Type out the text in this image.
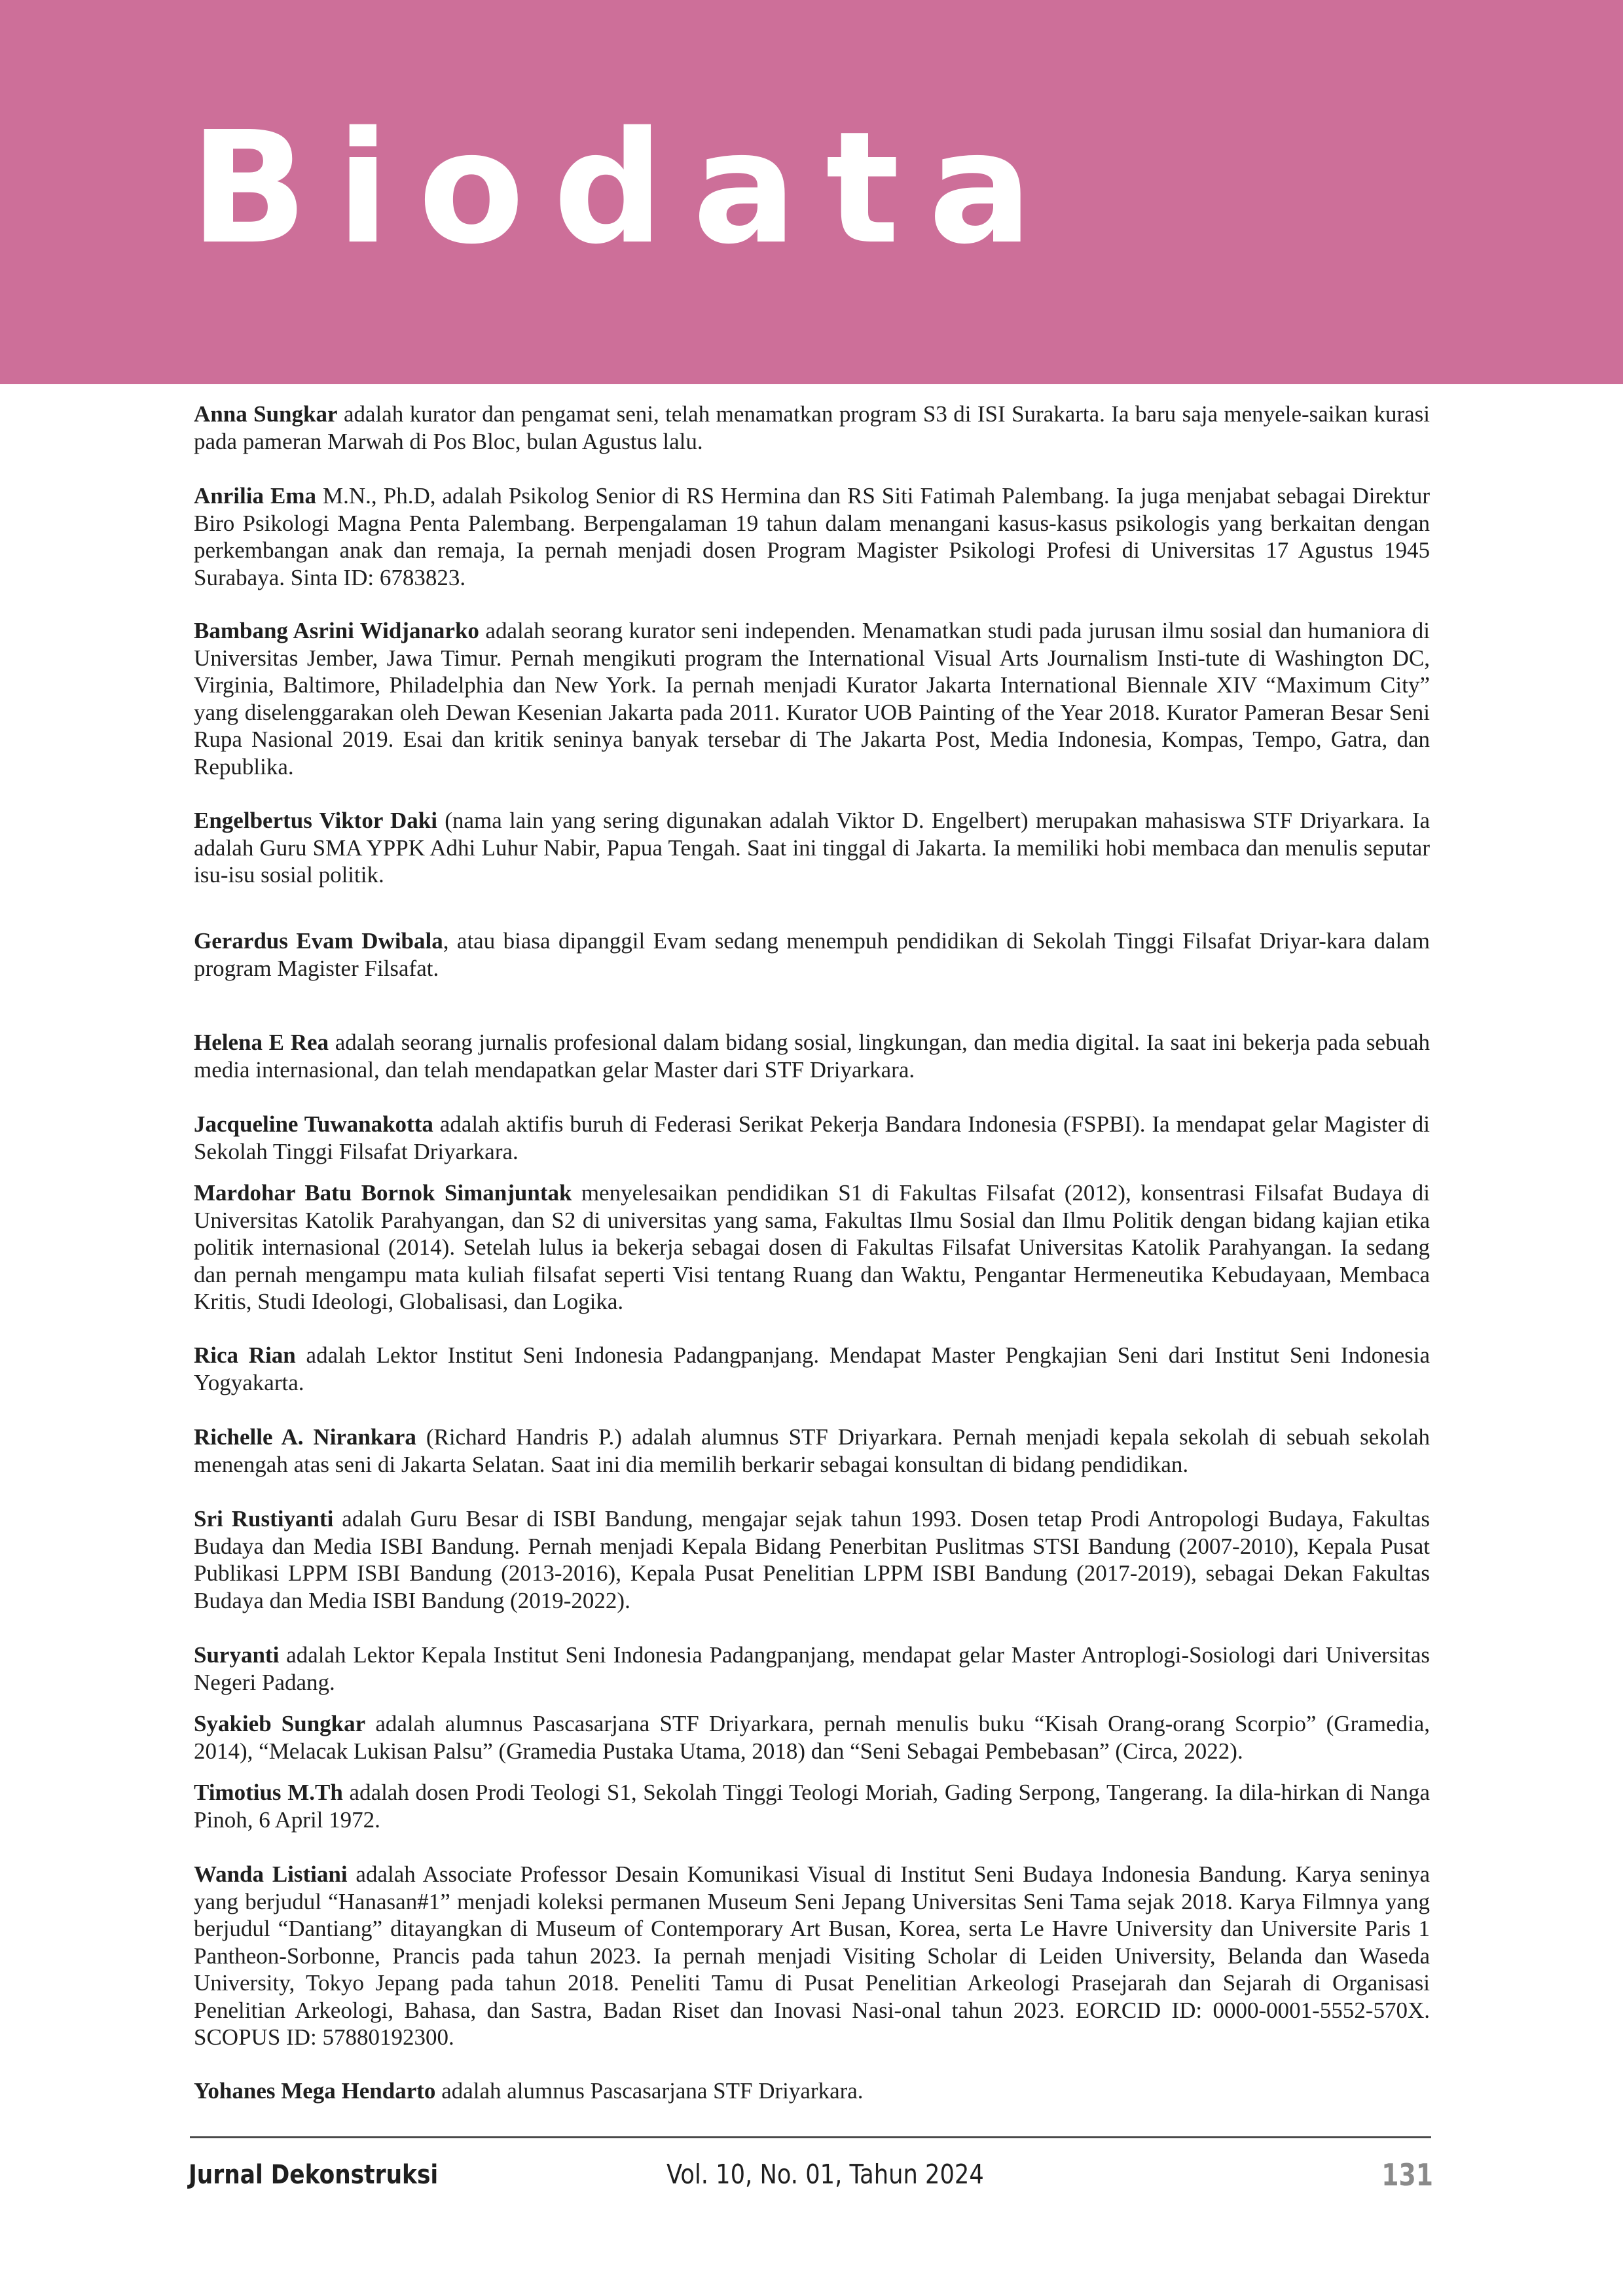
Biodata

Anna Sungkar adalah kurator dan pengamat seni, telah menamatkan program S3 di ISI Surakarta. Ia baru saja menyele-saikan kurasi pada pameran Marwah di Pos Bloc, bulan Agustus lalu.

Anrilia Ema M.N., Ph.D, adalah Psikolog Senior di RS Hermina dan RS Siti Fatimah Palembang. Ia juga menjabat sebagai Direktur Biro Psikologi Magna Penta Palembang. Berpengalaman 19 tahun dalam menangani kasus-kasus psikologis yang berkaitan dengan perkembangan anak dan remaja, Ia pernah menjadi dosen Program Magister Psikologi Profesi di Universitas 17 Agustus 1945 Surabaya. Sinta ID: 6783823.

Bambang Asrini Widjanarko adalah seorang kurator seni independen. Menamatkan studi pada jurusan ilmu sosial dan humaniora di Universitas Jember, Jawa Timur. Pernah mengikuti program the International Visual Arts Journalism Insti-tute di Washington DC, Virginia, Baltimore, Philadelphia dan New York. Ia pernah menjadi Kurator Jakarta International Biennale XIV “Maximum City” yang diselenggarakan oleh Dewan Kesenian Jakarta pada 2011. Kurator UOB Painting of the Year 2018. Kurator Pameran Besar Seni Rupa Nasional 2019. Esai dan kritik seninya banyak tersebar di The Jakarta Post, Media Indonesia, Kompas, Tempo, Gatra, dan Republika.

Engelbertus Viktor Daki (nama lain yang sering digunakan adalah Viktor D. Engelbert) merupakan mahasiswa STF Driyarkara. Ia adalah Guru SMA YPPK Adhi Luhur Nabir, Papua Tengah. Saat ini tinggal di Jakarta. Ia memiliki hobi membaca dan menulis seputar isu-isu sosial politik.

Gerardus Evam Dwibala, atau biasa dipanggil Evam sedang menempuh pendidikan di Sekolah Tinggi Filsafat Driyar-kara dalam program Magister Filsafat.

Helena E Rea adalah seorang jurnalis profesional dalam bidang sosial, lingkungan, dan media digital. Ia saat ini bekerja pada sebuah media internasional, dan telah mendapatkan gelar Master dari STF Driyarkara.

Jacqueline Tuwanakotta adalah aktifis buruh di Federasi Serikat Pekerja Bandara Indonesia (FSPBI). Ia mendapat gelar Magister di Sekolah Tinggi Filsafat Driyarkara.

Mardohar Batu Bornok Simanjuntak menyelesaikan pendidikan S1 di Fakultas Filsafat (2012), konsentrasi Filsafat Budaya di Universitas Katolik Parahyangan, dan S2 di universitas yang sama, Fakultas Ilmu Sosial dan Ilmu Politik dengan bidang kajian etika politik internasional (2014). Setelah lulus ia bekerja sebagai dosen di Fakultas Filsafat Universitas Katolik Parahyangan. Ia sedang dan pernah mengampu mata kuliah filsafat seperti Visi tentang Ruang dan Waktu, Pengantar Hermeneutika Kebudayaan, Membaca Kritis, Studi Ideologi, Globalisasi, dan Logika.

Rica Rian adalah Lektor Institut Seni Indonesia Padangpanjang. Mendapat Master Pengkajian Seni dari Institut Seni Indonesia Yogyakarta.

Richelle A. Nirankara (Richard Handris P.) adalah alumnus STF Driyarkara. Pernah menjadi kepala sekolah di sebuah sekolah menengah atas seni di Jakarta Selatan. Saat ini dia memilih berkarir sebagai konsultan di bidang pendidikan.

Sri Rustiyanti adalah Guru Besar di ISBI Bandung, mengajar sejak tahun 1993. Dosen tetap Prodi Antropologi Budaya, Fakultas Budaya dan Media ISBI Bandung. Pernah menjadi Kepala Bidang Penerbitan Puslitmas STSI Bandung (2007-2010), Kepala Pusat Publikasi LPPM ISBI Bandung (2013-2016), Kepala Pusat Penelitian LPPM ISBI Bandung (2017-2019), sebagai Dekan Fakultas Budaya dan Media ISBI Bandung (2019-2022).

Suryanti adalah Lektor Kepala Institut Seni Indonesia Padangpanjang, mendapat gelar Master Antroplogi-Sosiologi dari Universitas Negeri Padang.

Syakieb Sungkar adalah alumnus Pascasarjana STF Driyarkara, pernah menulis buku “Kisah Orang-orang Scorpio” (Gramedia, 2014), “Melacak Lukisan Palsu” (Gramedia Pustaka Utama, 2018) dan “Seni Sebagai Pembebasan” (Circa, 2022).

Timotius M.Th adalah dosen Prodi Teologi S1, Sekolah Tinggi Teologi Moriah, Gading Serpong, Tangerang. Ia dila-hirkan di Nanga Pinoh, 6 April 1972.

Wanda Listiani adalah Associate Professor Desain Komunikasi Visual di Institut Seni Budaya Indonesia Bandung. Karya seninya yang berjudul “Hanasan#1” menjadi koleksi permanen Museum Seni Jepang Universitas Seni Tama sejak 2018. Karya Filmnya yang berjudul “Dantiang” ditayangkan di Museum of Contemporary Art Busan, Korea, serta Le Havre University dan Universite Paris 1 Pantheon-Sorbonne, Prancis pada tahun 2023. Ia pernah menjadi Visiting Scholar di Leiden University, Belanda dan Waseda University, Tokyo Jepang pada tahun 2018. Peneliti Tamu di Pusat Penelitian Arkeologi Prasejarah dan Sejarah di Organisasi Penelitian Arkeologi, Bahasa, dan Sastra, Badan Riset dan Inovasi Nasi-onal tahun 2023. EORCID ID: 0000-0001-5552-570X. SCOPUS ID: 57880192300.

Yohanes Mega Hendarto adalah alumnus Pascasarjana STF Driyarkara.

Jurnal Dekonstruksi	Vol. 10, No. 01, Tahun 2024	131
